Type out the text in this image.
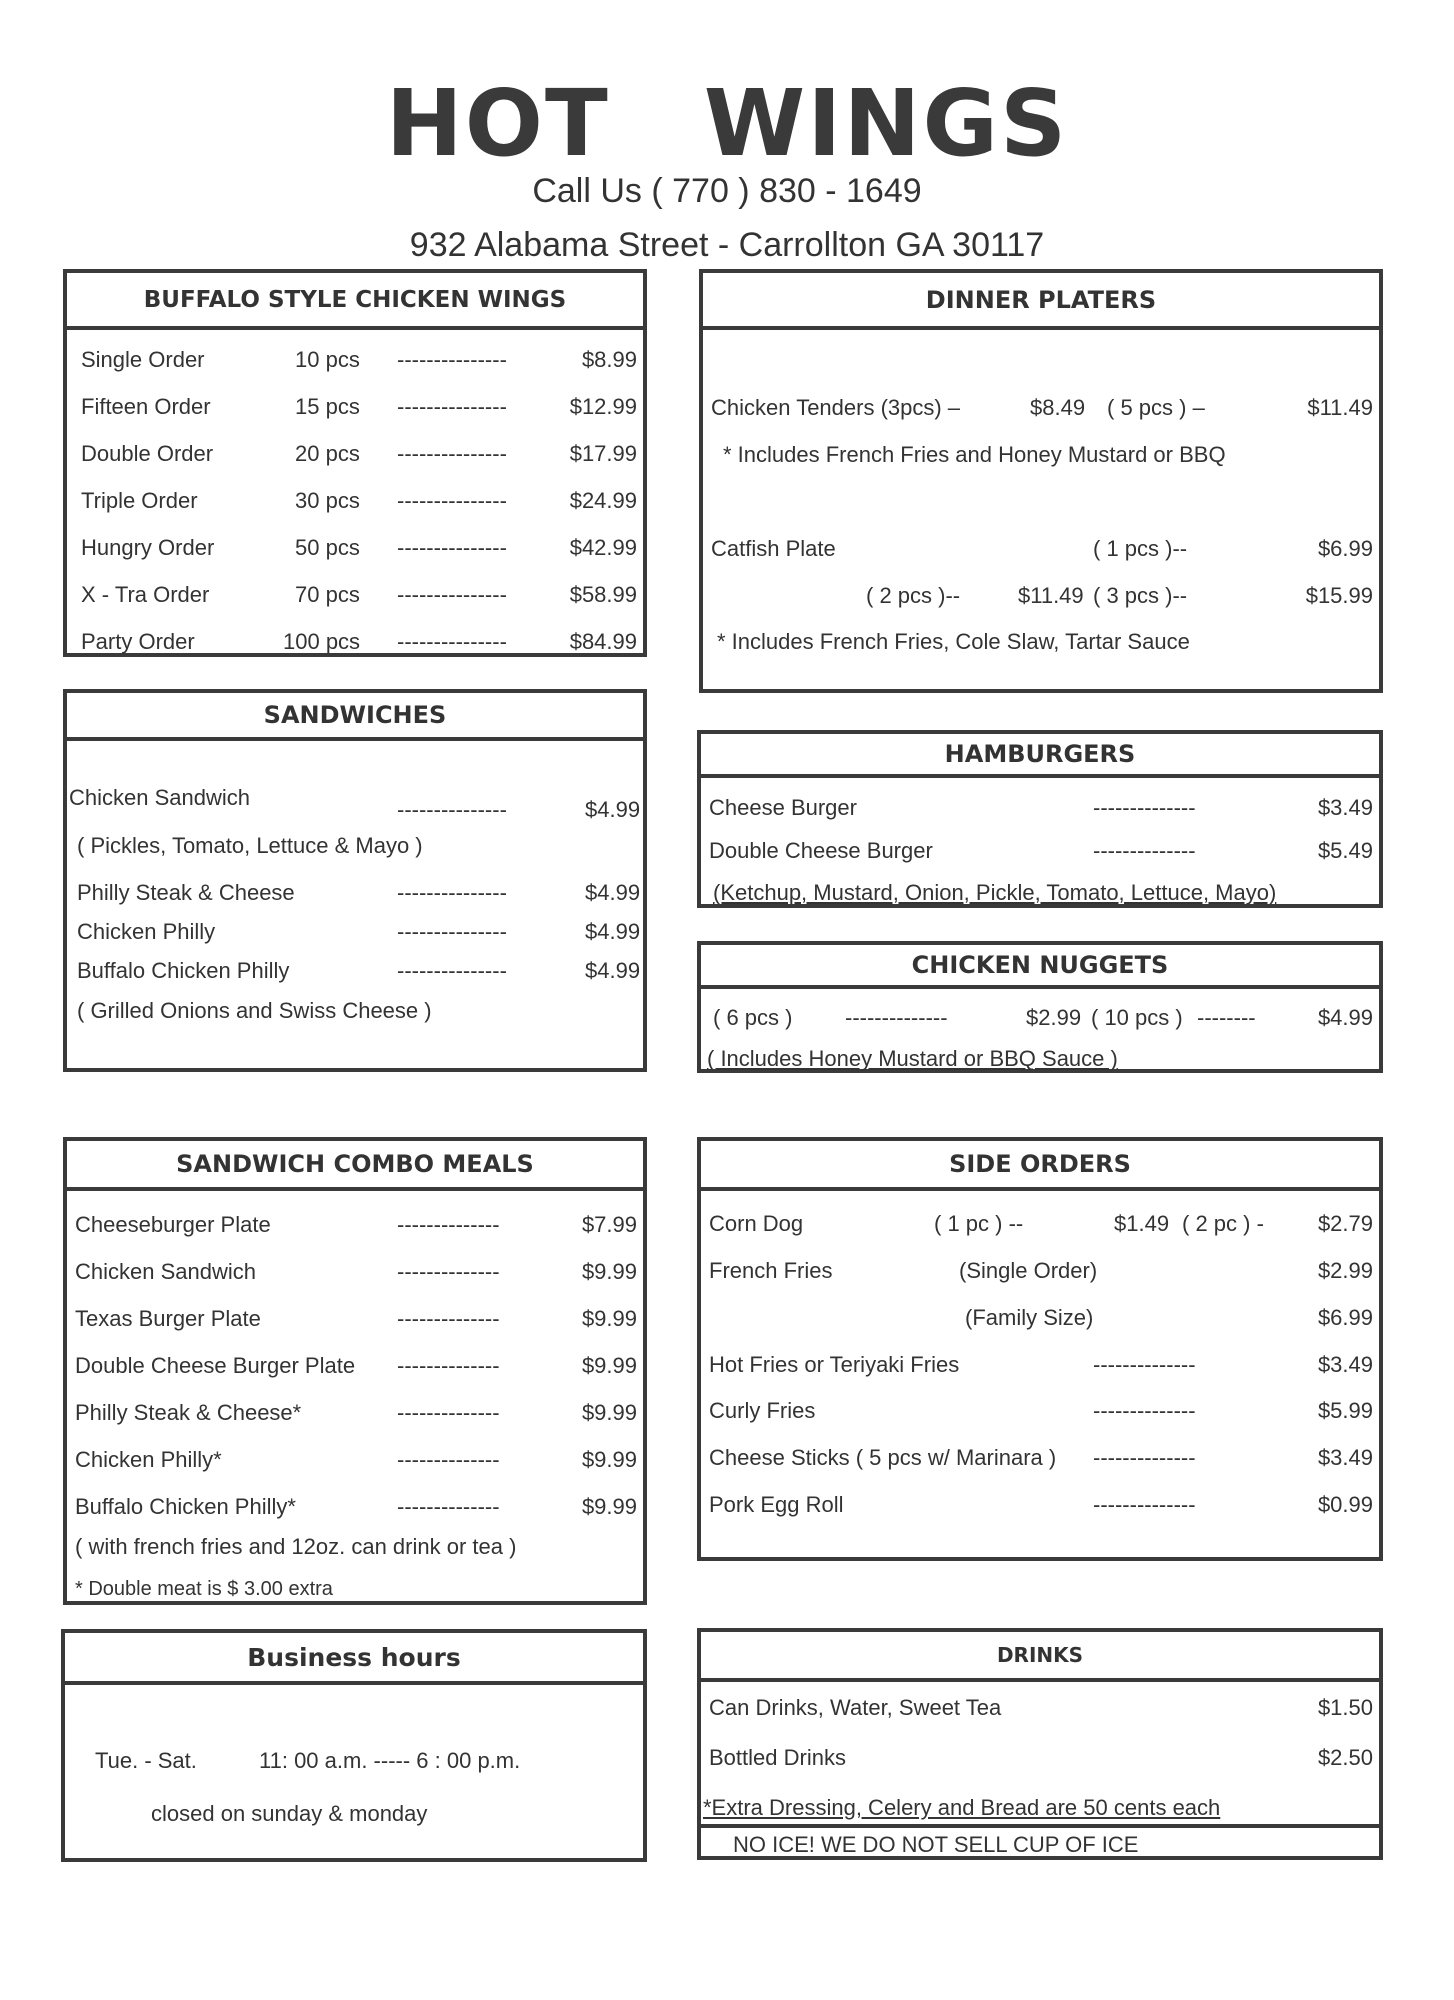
HOT WINGS
Call Us ( 770 ) 830 - 1649
932 Alabama Street - Carrollton GA 30117
BUFFALO STYLE CHICKEN WINGS
Single Order	10 pcs ---------------	$8.99
Fifteen Order	15 pcs ---------------	$12.99
Double Order	20 pcs ---------------	$17.99
Triple Order	30 pcs ---------------	$24.99
Hungry Order	50 pcs ---------------	$42.99
X - Tra Order	70 pcs ---------------	$58.99
Party Order	100 pcs ---------------	$84.99
DINNER PLATERS
Chicken Tenders (3pcs) –	$8.49 ( 5 pcs ) –	$11.49
* Includes French Fries and Honey Mustard or BBQ
Catfish Plate	( 1 pcs )--	$6.99
( 2 pcs )--	$11.49 ( 3 pcs )--	$15.99
* Includes French Fries, Cole Slaw, Tartar Sauce
SANDWICHES
Chicken Sandwich	---------------	$4.99
( Pickles, Tomato, Lettuce & Mayo )
Philly Steak & Cheese	---------------	$4.99
Chicken Philly	---------------	$4.99
Buffalo Chicken Philly	---------------	$4.99
( Grilled Onions and Swiss Cheese )
HAMBURGERS
Cheese Burger	--------------	$3.49
Double Cheese Burger	--------------	$5.49
(Ketchup, Mustard, Onion, Pickle, Tomato, Lettuce, Mayo)
CHICKEN NUGGETS
( 6 pcs ) --------------	$2.99 ( 10 pcs ) --------	$4.99
( Includes Honey Mustard or BBQ Sauce )
SANDWICH COMBO MEALS
Cheeseburger Plate	--------------	$7.99
Chicken Sandwich	--------------	$9.99
Texas Burger Plate	--------------	$9.99
Double Cheese Burger Plate --------------	$9.99
Philly Steak & Cheese*	--------------	$9.99
Chicken Philly*	--------------	$9.99
Buffalo Chicken Philly*	--------------	$9.99
( with french fries and 12oz. can drink or tea )
* Double meat is $ 3.00 extra
SIDE ORDERS
Corn Dog	( 1 pc ) --	$1.49 ( 2 pc ) - $2.79
French Fries	(Single Order)	$2.99
(Family Size)	$6.99
Hot Fries or Teriyaki Fries	--------------	$3.49
Curly Fries	--------------	$5.99
Cheese Sticks ( 5 pcs w/ Marinara ) --------------	$3.49
Pork Egg Roll	--------------	$0.99
Business hours
Tue. - Sat.	11: 00 a.m. ----- 6 : 00 p.m.
closed on sunday & monday
DRINKS
Can Drinks, Water, Sweet Tea	$1.50
Bottled Drinks	$2.50
*Extra Dressing, Celery and Bread are 50 cents each
NO ICE! WE DO NOT SELL CUP OF ICE
